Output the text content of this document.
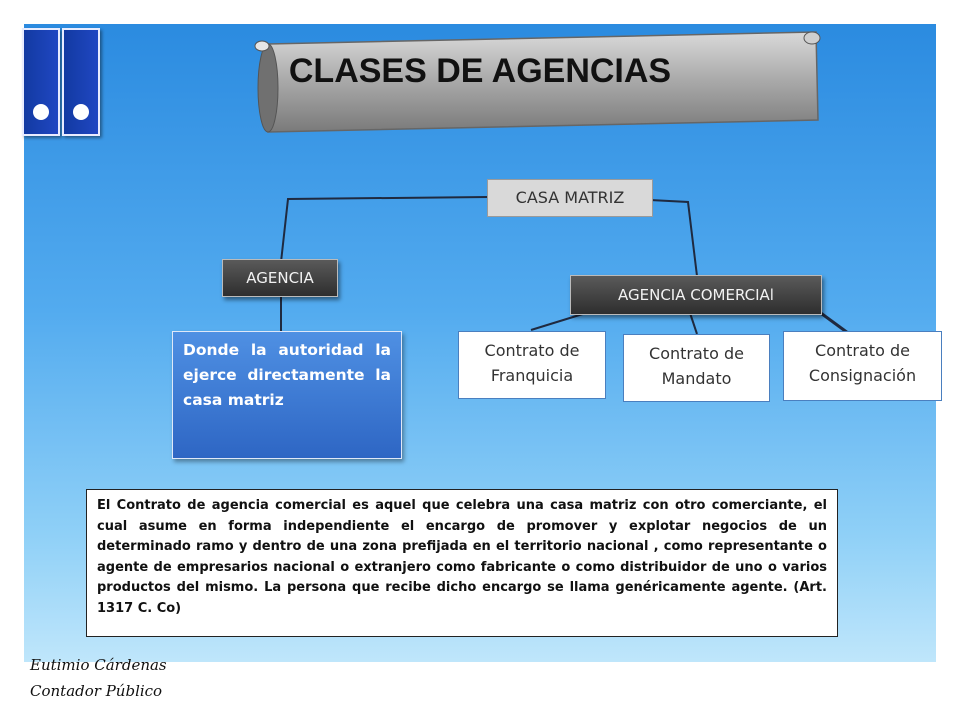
CLASES DE AGENCIAS
CASA MATRIZ
AGENCIA
AGENCIA COMERCIAl
Donde la autoridad la ejerce directamente la casa matriz
Contrato de
Franquicia
Contrato de
Mandato
Contrato de
Consignación
El Contrato de agencia comercial es aquel que celebra una casa matriz con otro comerciante, el cual asume en forma independiente el encargo de promover y explotar negocios de un determinado ramo y dentro de una zona prefijada en el territorio nacional , como representante o agente de empresarios nacional o extranjero como fabricante o como distribuidor de uno o varios productos del mismo. La persona que recibe dicho encargo se llama genéricamente agente. (Art. 1317 C. Co)
Eutimio Cárdenas
Contador Público
